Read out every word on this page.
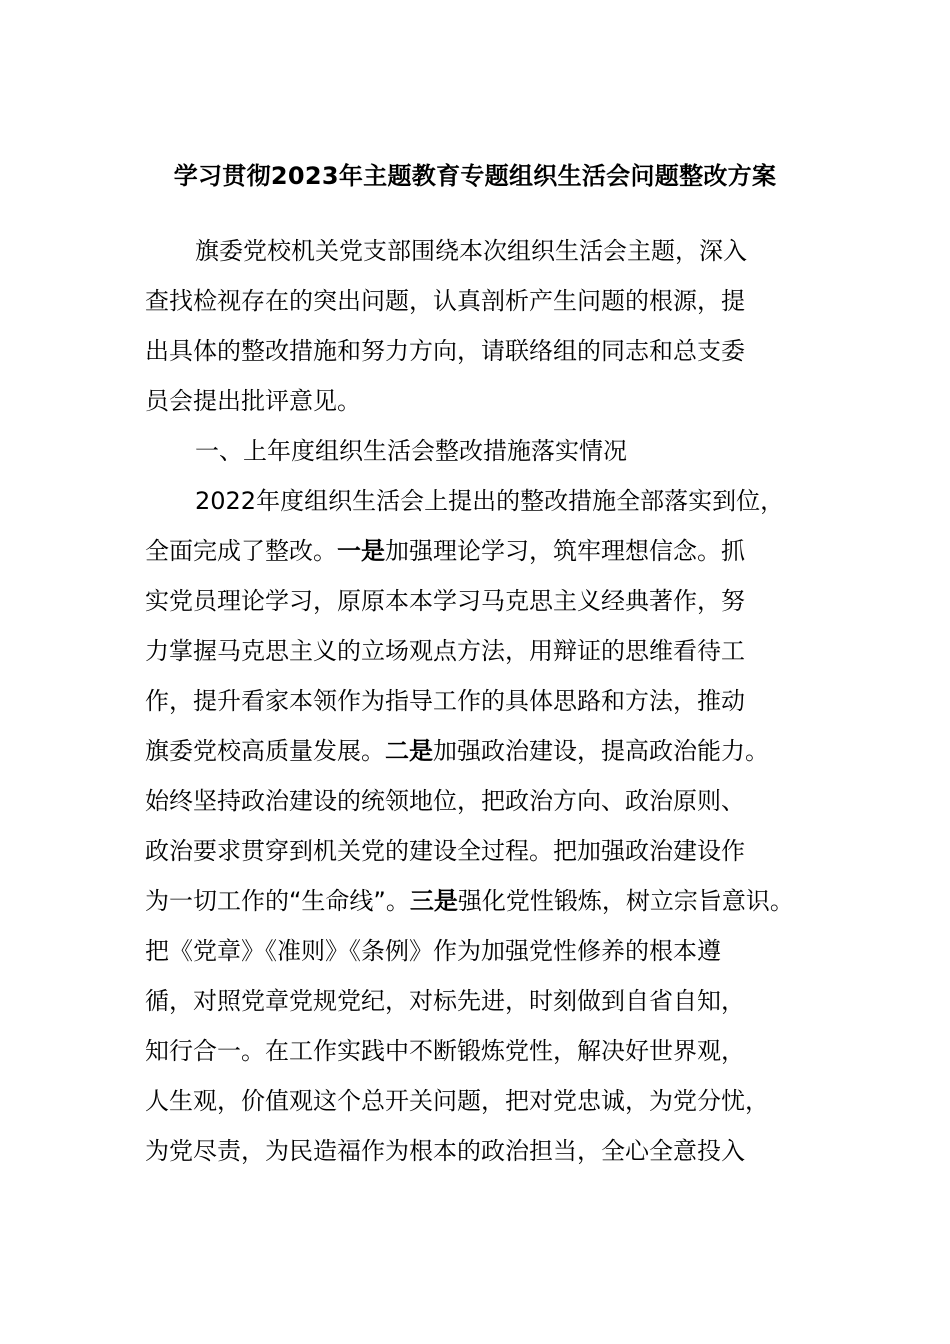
学习贯彻2023年主题教育专题组织生活会问题整改方案
旗委党校机关党支部围绕本次组织生活会主题，深入
查找检视存在的突出问题，认真剖析产生问题的根源，提
出具体的整改措施和努力方向，请联络组的同志和总支委
员会提出批评意见。
一、上年度组织生活会整改措施落实情况
2022年度组织生活会上提出的整改措施全部落实到位，
全面完成了整改。一是加强理论学习，筑牢理想信念。抓
实党员理论学习，原原本本学习马克思主义经典著作，努
力掌握马克思主义的立场观点方法，用辩证的思维看待工
作，提升看家本领作为指导工作的具体思路和方法，推动
旗委党校高质量发展。二是加强政治建设，提高政治能力。
始终坚持政治建设的统领地位，把政治方向、政治原则、
政治要求贯穿到机关党的建设全过程。把加强政治建设作
为一切工作的“生命线”。三是强化党性锻炼，树立宗旨意识。
把《党章》《准则》《条例》作为加强党性修养的根本遵
循，对照党章党规党纪，对标先进，时刻做到自省自知，
知行合一。在工作实践中不断锻炼党性，解决好世界观，
人生观，价值观这个总开关问题，把对党忠诚，为党分忧，
为党尽责，为民造福作为根本的政治担当，全心全意投入
